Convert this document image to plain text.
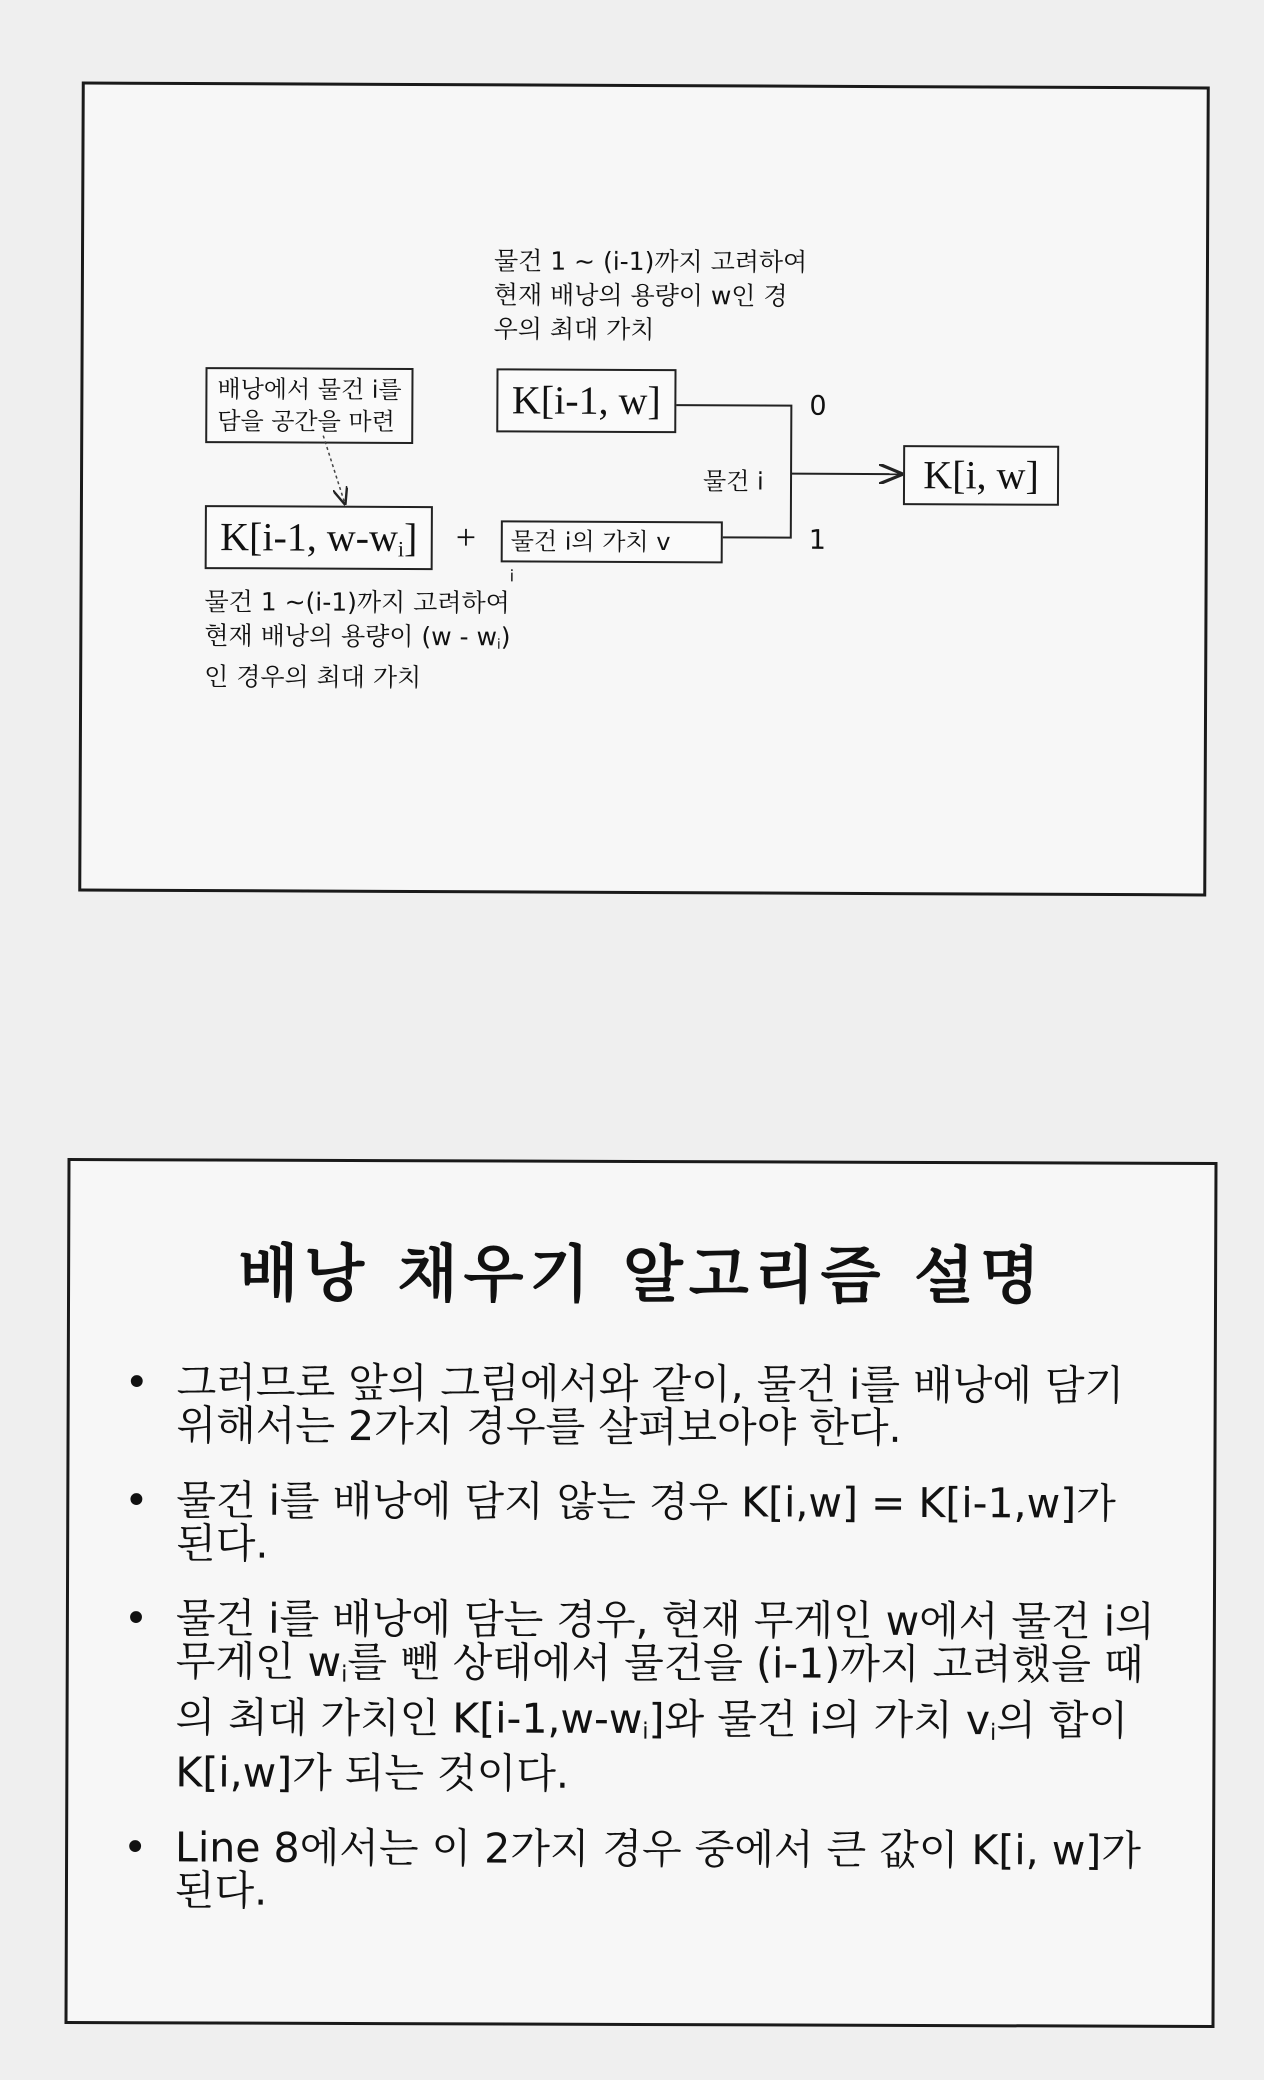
물건 1 ~ (i-1)까지 고려하여
현재 배낭의 용량이 w인 경
우의 최대 가치
배낭에서 물건 i를
담을 공간을 마련	K[i-1, w]
K[i, w]
K[i-1, $w-w_i$]	+	물건 i의 가치 v
i
물건 i
0
1
물건 1 ~(i-1)까지 고려하여
현재 배낭의 용량이 $(w - w_i)$
인 경우의 최대 가치
배낭 채우기 알고리즘 설명
• 그러므로 앞의 그림에서와 같이, 물건 i를 배낭에 담기 위해서는 2가지 경우를 살펴보아야 한다.
• 물건 i를 배낭에 담지 않는 경우 K[i,w] = K[i-1,w]가 된다.
• 물건 i를 배낭에 담는 경우, 현재 무게인 w에서 물건 i의 무게인 $w_i$를 뺀 상태에서 물건을 (i-1)까지 고려했을 때의 최대 가치인 $K[i-1,w-w_i]$와 물건 i의 가치 $v_i$의 합이 K[i,w]가 되는 것이다.
• Line 8에서는 이 2가지 경우 중에서 큰 값이 K[i, w]가 된다.
